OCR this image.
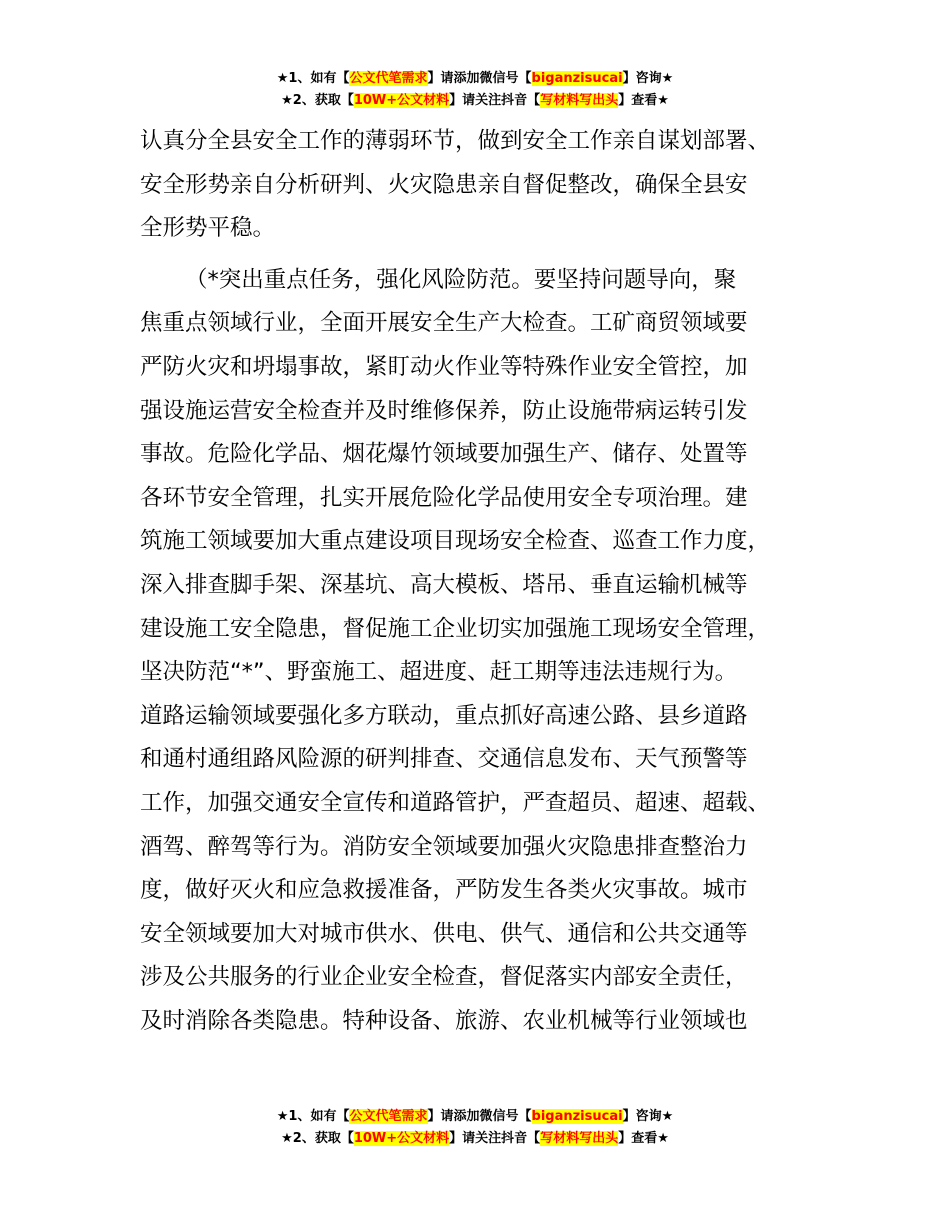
★1、如有【公文代笔需求】请添加微信号【biganzisucai】咨询★
★2、获取【10W+公文材料】请关注抖音【写材料写出头】查看★
认真分全县安全工作的薄弱环节，做到安全工作亲自谋划部署、
安全形势亲自分析研判、火灾隐患亲自督促整改，确保全县安
全形势平稳。
（*突出重点任务，强化风险防范。要坚持问题导向，聚
焦重点领域行业，全面开展安全生产大检查。工矿商贸领域要
严防火灾和坍塌事故，紧盯动火作业等特殊作业安全管控，加
强设施运营安全检查并及时维修保养，防止设施带病运转引发
事故。危险化学品、烟花爆竹领域要加强生产、储存、处置等
各环节安全管理，扎实开展危险化学品使用安全专项治理。建
筑施工领域要加大重点建设项目现场安全检查、巡查工作力度，
深入排查脚手架、深基坑、高大模板、塔吊、垂直运输机械等
建设施工安全隐患，督促施工企业切实加强施工现场安全管理，
坚决防范“*”、野蛮施工、超进度、赶工期等违法违规行为。
道路运输领域要强化多方联动，重点抓好高速公路、县乡道路
和通村通组路风险源的研判排查、交通信息发布、天气预警等
工作，加强交通安全宣传和道路管护，严查超员、超速、超载、
酒驾、醉驾等行为。消防安全领域要加强火灾隐患排查整治力
度，做好灭火和应急救援准备，严防发生各类火灾事故。城市
安全领域要加大对城市供水、供电、供气、通信和公共交通等
涉及公共服务的行业企业安全检查，督促落实内部安全责任，
及时消除各类隐患。特种设备、旅游、农业机械等行业领域也
★1、如有【公文代笔需求】请添加微信号【biganzisucai】咨询★
★2、获取【10W+公文材料】请关注抖音【写材料写出头】查看★
